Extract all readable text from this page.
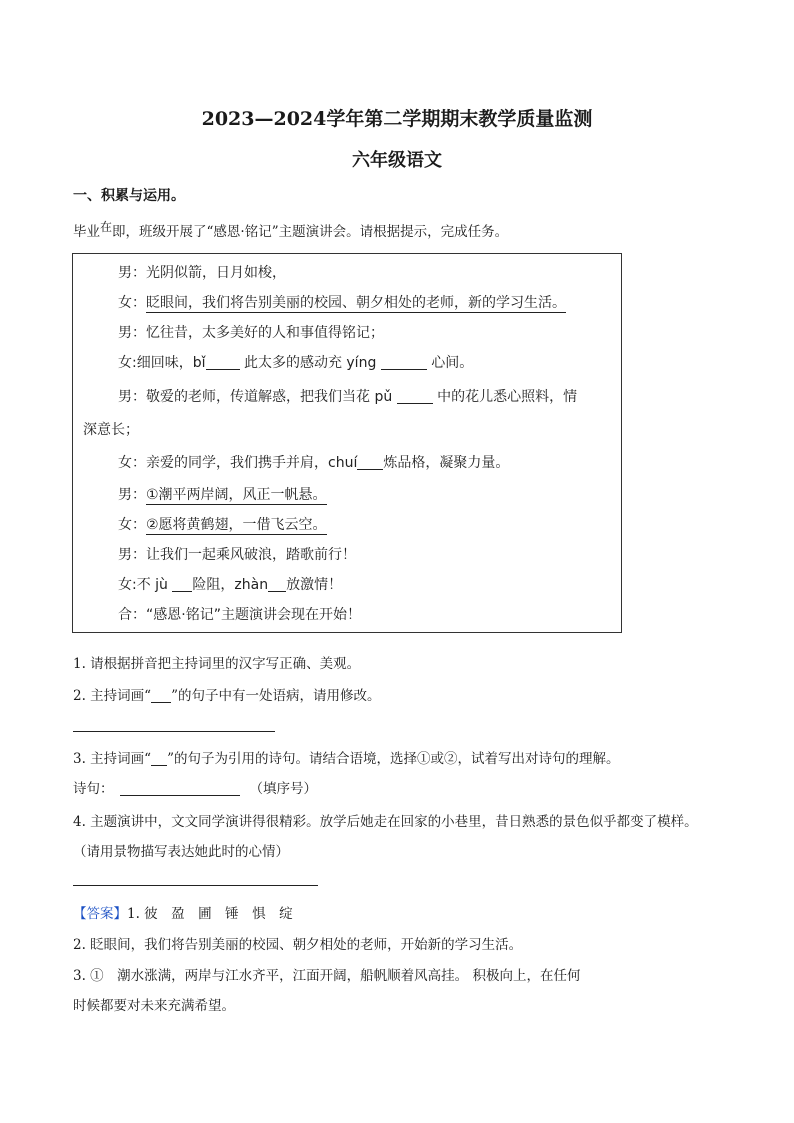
2023—2024学年第二学期期末教学质量监测
六年级语文
一、积累与运用。
毕业在即，班级开展了“感恩·铭记”主题演讲会。请根据提示，完成任务。
男：光阴似箭，日月如梭，
女：眨眼间，我们将告别美丽的校园、朝夕相处的老师，新的学习生活。
男：忆往昔，太多美好的人和事值得铭记；
女:细回味，bǐ 此太多的感动充 yíng	心间。
男：敬爱的老师，传道解惑，把我们当花 pǔ	中的花儿悉心照料，情
深意长；
女：亲爱的同学，我们携手并肩，chuí 炼品格，凝聚力量。
男：①潮平两岸阔，风正一帆悬。
女：②愿将黄鹤翅，一借飞云空。
男：让我们一起乘风破浪，踏歌前行！
女:不 jù 险阻，zhàn 放激情！
合：“感恩·铭记”主题演讲会现在开始！
1. 请根据拼音把主持词里的汉字写正确、美观。
2. 主持词画“ ”的句子中有一处语病，请用修改。
3. 主持词画“ ”的句子为引用的诗句。请结合语境，选择①或②，试着写出对诗句的理解。
诗句：	（填序号）
4. 主题演讲中，文文同学演讲得很精彩。放学后她走在回家的小巷里，昔日熟悉的景色似乎都变了模样。
（请用景物描写表达她此时的心情）
【答案】1. 彼　盈　圃　锤　惧　绽
2. 眨眼间，我们将告别美丽的校园、朝夕相处的老师，开始新的学习生活。
3. ①　潮水涨满，两岸与江水齐平，江面开阔，船帆顺着风高挂。 积极向上，在任何
时候都要对未来充满希望。
